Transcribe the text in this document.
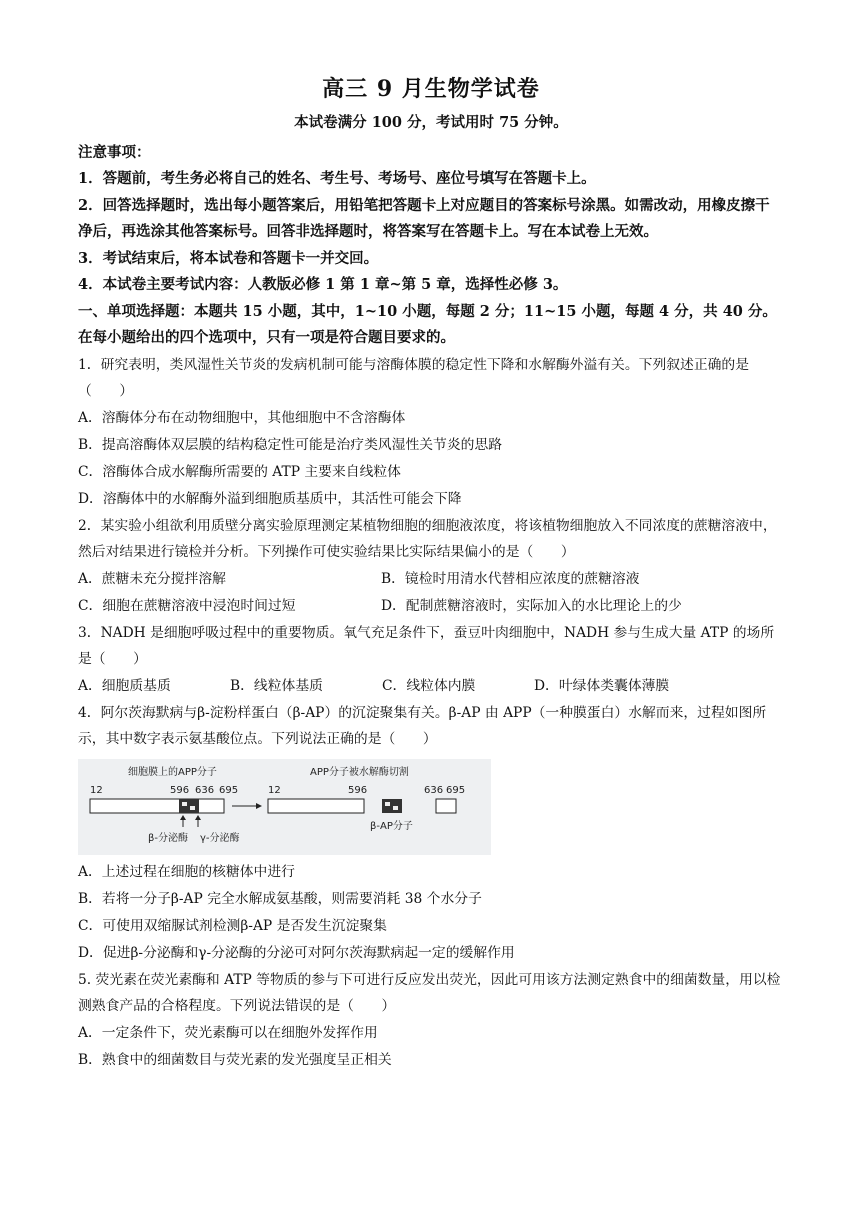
高三 9 月生物学试卷
本试卷满分 100 分，考试用时 75 分钟。
注意事项：
1．答题前，考生务必将自己的姓名、考生号、考场号、座位号填写在答题卡上。
2．回答选择题时，选出每小题答案后，用铅笔把答题卡上对应题目的答案标号涂黑。如需改动，用橡皮擦干净后，再选涂其他答案标号。回答非选择题时，将答案写在答题卡上。写在本试卷上无效。
3．考试结束后，将本试卷和答题卡一并交回。
4．本试卷主要考试内容：人教版必修 1 第 1 章~第 5 章，选择性必修 3。
一、单项选择题：本题共 15 小题，其中，1~10 小题，每题 2 分；11~15 小题，每题 4 分，共 40 分。在每小题给出的四个选项中，只有一项是符合题目要求的。
1．研究表明，类风湿性关节炎的发病机制可能与溶酶体膜的稳定性下降和水解酶外溢有关。下列叙述正确的是（　　）
A．溶酶体分布在动物细胞中，其他细胞中不含溶酶体
B．提高溶酶体双层膜的结构稳定性可能是治疗类风湿性关节炎的思路
C．溶酶体合成水解酶所需要的 ATP 主要来自线粒体
D．溶酶体中的水解酶外溢到细胞质基质中，其活性可能会下降
2．某实验小组欲利用质壁分离实验原理测定某植物细胞的细胞液浓度，将该植物细胞放入不同浓度的蔗糖溶液中，然后对结果进行镜检并分析。下列操作可使实验结果比实际结果偏小的是（　　）
A．蔗糖未充分搅拌溶解	B．镜检时用清水代替相应浓度的蔗糖溶液
C．细胞在蔗糖溶液中浸泡时间过短	D．配制蔗糖溶液时，实际加入的水比理论上的少
3．NADH 是细胞呼吸过程中的重要物质。氧气充足条件下，蚕豆叶肉细胞中，NADH 参与生成大量 ATP 的场所是（　　）
A．细胞质基质	B．线粒体基质	C．线粒体内膜	D．叶绿体类囊体薄膜
4．阿尔茨海默病与β-淀粉样蛋白（β-AP）的沉淀聚集有关。β-AP 由 APP（一种膜蛋白）水解而来，过程如图所示，其中数字表示氨基酸位点。下列说法正确的是（　　）
细胞膜上的APP分子	APP分子被水解酶切割
12	596 636 695
β-分泌酶 γ-分泌酶
12	596	636 695
β-AP分子
A．上述过程在细胞的核糖体中进行
B．若将一分子β-AP 完全水解成氨基酸，则需要消耗 38 个水分子
C．可使用双缩脲试剂检测β-AP 是否发生沉淀聚集
D．促进β-分泌酶和γ-分泌酶的分泌可对阿尔茨海默病起一定的缓解作用
5. 荧光素在荧光素酶和 ATP 等物质的参与下可进行反应发出荧光，因此可用该方法测定熟食中的细菌数量，用以检测熟食产品的合格程度。下列说法错误的是（　　）
A．一定条件下，荧光素酶可以在细胞外发挥作用
B．熟食中的细菌数目与荧光素的发光强度呈正相关
